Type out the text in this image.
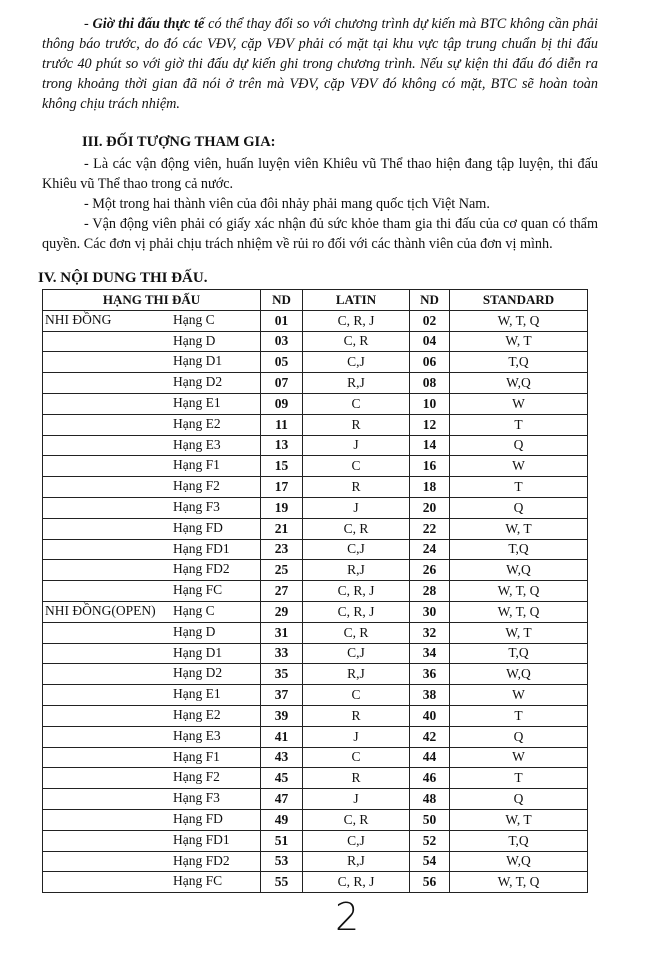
- Giờ thi đấu thực tế có thể thay đổi so với chương trình dự kiến mà BTC không cần phải thông báo trước, do đó các VĐV, cặp VĐV phải có mặt tại khu vực tập trung chuẩn bị thi đấu trước 40 phút so với giờ thi đấu dự kiến ghi trong chương trình. Nếu sự kiện thi đấu đó diễn ra trong khoảng thời gian đã nói ở trên mà VĐV, cặp VĐV đó không có mặt, BTC sẽ hoàn toàn không chịu trách nhiệm.
III. ĐỐI TƯỢNG THAM GIA:
- Là các vận động viên, huấn luyện viên Khiêu vũ Thể thao hiện đang tập luyện, thi đấu Khiêu vũ Thể thao trong cả nước.
- Một trong hai thành viên của đôi nhảy phải mang quốc tịch Việt Nam.
- Vận động viên phải có giấy xác nhận đủ sức khỏe tham gia thi đấu của cơ quan có thẩm quyền. Các đơn vị phải chịu trách nhiệm về rủi ro đối với các thành viên của đơn vị mình.
IV. NỘI DUNG THI ĐẤU.
HẠNG THI ĐẤU	ND	LATIN	ND	STANDARD

NHI ĐỒNG Hạng C	01	C, R, J	02	W, T, Q

Hạng D	03	C, R	04	W, T

Hạng D1	05	C,J	06	T,Q

Hạng D2	07	R,J	08	W,Q

Hạng E1	09	C	10	W

Hạng E2	11	R	12	T

Hạng E3	13	J	14	Q

Hạng F1	15	C	16	W

Hạng F2	17	R	18	T

Hạng F3	19	J	20	Q

Hạng FD	21	C, R	22	W, T

Hạng FD1	23	C,J	24	T,Q

Hạng FD2	25	R,J	26	W,Q

Hạng FC	27	C, R, J	28	W, T, Q

NHI ĐỒNG(OPEN) Hạng C	29	C, R, J	30	W, T, Q

Hạng D	31	C, R	32	W, T

Hạng D1	33	C,J	34	T,Q

Hạng D2	35	R,J	36	W,Q

Hạng E1	37	C	38	W

Hạng E2	39	R	40	T

Hạng E3	41	J	42	Q

Hạng F1	43	C	44	W

Hạng F2	45	R	46	T

Hạng F3	47	J	48	Q

Hạng FD	49	C, R	50	W, T

Hạng FD1	51	C,J	52	T,Q

Hạng FD2	53	R,J	54	W,Q

Hạng FC	55	C, R, J	56	W, T, Q
2
